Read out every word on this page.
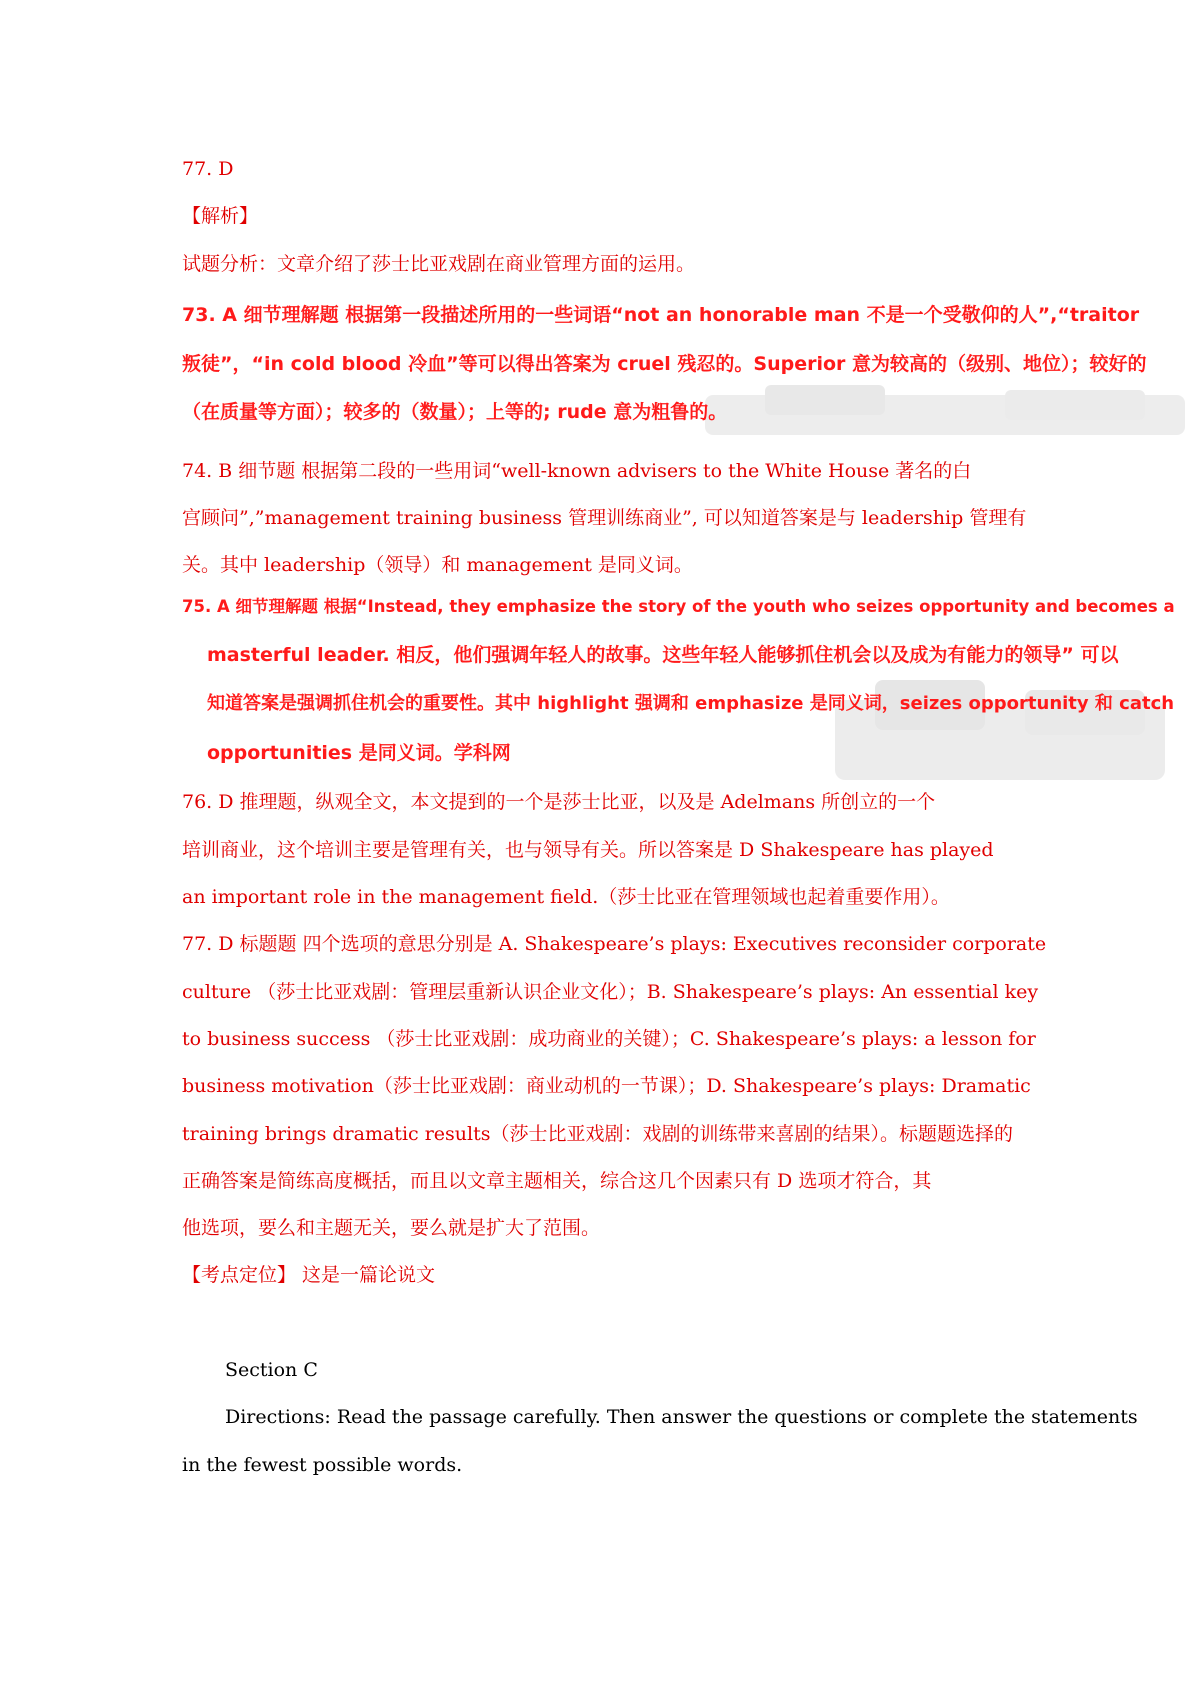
77. D
【解析】
试题分析：文章介绍了莎士比亚戏剧在商业管理方面的运用。
73. A 细节理解题 根据第一段描述所用的一些词语“not an honorable man 不是一个受敬仰的人”,“traitor
叛徒”，“in cold blood 冷血”等可以得出答案为 cruel 残忍的。Superior 意为较高的（级别、地位）；较好的
（在质量等方面）；较多的（数量）；上等的; rude 意为粗鲁的。
74. B 细节题 根据第二段的一些用词“well-known advisers to the White House 著名的白
宫顾问”,”management training business 管理训练商业”, 可以知道答案是与 leadership 管理有
关。其中 leadership（领导）和 management 是同义词。
75. A 细节理解题 根据“Instead, they emphasize the story of the youth who seizes opportunity and becomes a
masterful leader. 相反，他们强调年轻人的故事。这些年轻人能够抓住机会以及成为有能力的领导” 可以
知道答案是强调抓住机会的重要性。其中 highlight 强调和 emphasize 是同义词，seizes opportunity 和 catch
opportunities 是同义词。学科网
76. D 推理题，纵观全文，本文提到的一个是莎士比亚，以及是 Adelmans 所创立的一个
培训商业，这个培训主要是管理有关，也与领导有关。所以答案是 D Shakespeare has played
an important role in the management field.（莎士比亚在管理领域也起着重要作用）。
77. D 标题题 四个选项的意思分别是 A. Shakespeare’s plays: Executives reconsider corporate
culture （莎士比亚戏剧：管理层重新认识企业文化）；B. Shakespeare’s plays: An essential key
to business success （莎士比亚戏剧：成功商业的关键）；C. Shakespeare’s plays: a lesson for
business motivation（莎士比亚戏剧：商业动机的一节课）；D. Shakespeare’s plays: Dramatic
training brings dramatic results（莎士比亚戏剧：戏剧的训练带来喜剧的结果）。标题题选择的
正确答案是简练高度概括，而且以文章主题相关，综合这几个因素只有 D 选项才符合，其
他选项，要么和主题无关，要么就是扩大了范围。
【考点定位】 这是一篇论说文
Section C
Directions: Read the passage carefully. Then answer the questions or complete the statements
in the fewest possible words.
